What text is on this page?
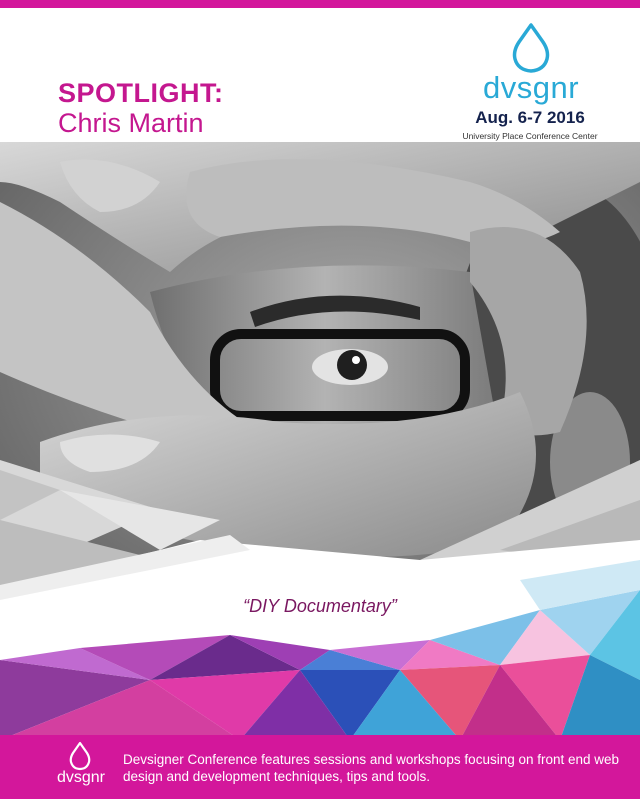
SPOTLIGHT:
Chris Martin
dvsgnr
Aug. 6-7 2016
University Place Conference Center
“DIY Documentary”
dvsgnr
Devsigner Conference features sessions and workshops focusing on front end web design and development techniques, tips and tools.
